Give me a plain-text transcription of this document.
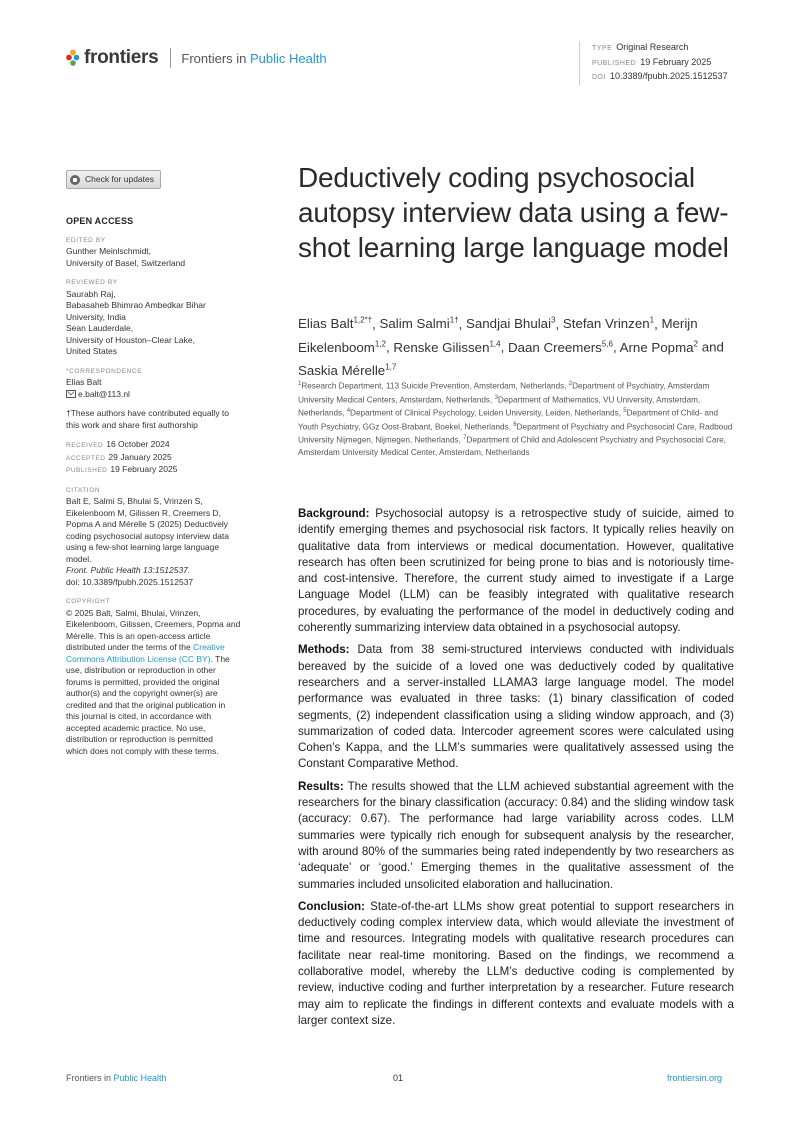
frontiers Frontiers in Public Health
TYPE Original Research
PUBLISHED 19 February 2025
DOI 10.3389/fpubh.2025.1512537
Check for updates
OPEN ACCESS
EDITED BY
Gunther Meinlschmidt,
University of Basel, Switzerland
REVIEWED BY
Saurabh Raj,
Babasaheb Bhimrao Ambedkar Bihar
University, India
Sean Lauderdale,
University of Houston–Clear Lake,
United States
*CORRESPONDENCE
Elias Balt
e.balt@113.nl
†These authors have contributed equally to
this work and share first authorship
RECEIVED 16 October 2024
ACCEPTED 29 January 2025
PUBLISHED 19 February 2025
CITATION
Balt E, Salmi S, Bhulai S, Vrinzen S,
Eikelenboom M, Gilissen R, Creemers D,
Popma A and Mérelle S (2025) Deductively
coding psychosocial autopsy interview data
using a few-shot learning large language
model.
Front. Public Health 13:1512537.
doi: 10.3389/fpubh.2025.1512537
COPYRIGHT
© 2025 Balt, Salmi, Bhulai, Vrinzen,
Eikelenboom, Gilissen, Creemers, Popma and
Mérelle. This is an open-access article
distributed under the terms of the Creative
Commons Attribution License (CC BY). The
use, distribution or reproduction in other
forums is permitted, provided the original
author(s) and the copyright owner(s) are
credited and that the original publication in
this journal is cited, in accordance with
accepted academic practice. No use,
distribution or reproduction is permitted
which does not comply with these terms.
Deductively coding psychosocial autopsy interview data using a few-shot learning large language model
Elias Balt$^{1,2*\dagger}$, Salim Salmi$^{1\dagger}$, Sandjai Bhulai$^3$, Stefan Vrinzen$^1$, Merijn Eikelenboom$^{1,2}$, Renske Gilissen$^{1,4}$, Daan Creemers$^{5,6}$, Arne Popma$^2$ and Saskia Mérelle$^{1,7}$
$^1$Research Department, 113 Suicide Prevention, Amsterdam, Netherlands, $^2$Department of Psychiatry, Amsterdam University Medical Centers, Amsterdam, Netherlands, $^3$Department of Mathematics, VU University, Amsterdam, Netherlands, $^4$Department of Clinical Psychology, Leiden University, Leiden, Netherlands, $^5$Department of Child- and Youth Psychiatry, GGz Oost-Brabant, Boekel, Netherlands, $^6$Department of Psychiatry and Psychosocial Care, Radboud University Nijmegen, Nijmegen, Netherlands, $^7$Department of Child and Adolescent Psychiatry and Psychosocial Care, Amsterdam University Medical Center, Amsterdam, Netherlands

Background: Psychosocial autopsy is a retrospective study of suicide, aimed to identify emerging themes and psychosocial risk factors. It typically relies heavily on qualitative data from interviews or medical documentation. However, qualitative research has often been scrutinized for being prone to bias and is notoriously time- and cost-intensive. Therefore, the current study aimed to investigate if a Large Language Model (LLM) can be feasibly integrated with qualitative research procedures, by evaluating the performance of the model in deductively coding and coherently summarizing interview data obtained in a psychosocial autopsy.

Methods: Data from 38 semi-structured interviews conducted with individuals bereaved by the suicide of a loved one was deductively coded by qualitative researchers and a server-installed LLAMA3 large language model. The model performance was evaluated in three tasks: (1) binary classification of coded segments, (2) independent classification using a sliding window approach, and (3) summarization of coded data. Intercoder agreement scores were calculated using Cohen’s Kappa, and the LLM’s summaries were qualitatively assessed using the Constant Comparative Method.

Results: The results showed that the LLM achieved substantial agreement with the researchers for the binary classification (accuracy: 0.84) and the sliding window task (accuracy: 0.67). The performance had large variability across codes. LLM summaries were typically rich enough for subsequent analysis by the researcher, with around 80% of the summaries being rated independently by two researchers as ‘adequate’ or ‘good.’ Emerging themes in the qualitative assessment of the summaries included unsolicited elaboration and hallucination.

Conclusion: State-of-the-art LLMs show great potential to support researchers in deductively coding complex interview data, which would alleviate the investment of time and resources. Integrating models with qualitative research procedures can facilitate near real-time monitoring. Based on the findings, we recommend a collaborative model, whereby the LLM’s deductive coding is complemented by review, inductive coding and further interpretation by a researcher. Future research may aim to replicate the findings in different contexts and evaluate models with a larger context size.

Frontiers in Public Health	01	frontiersin.org
